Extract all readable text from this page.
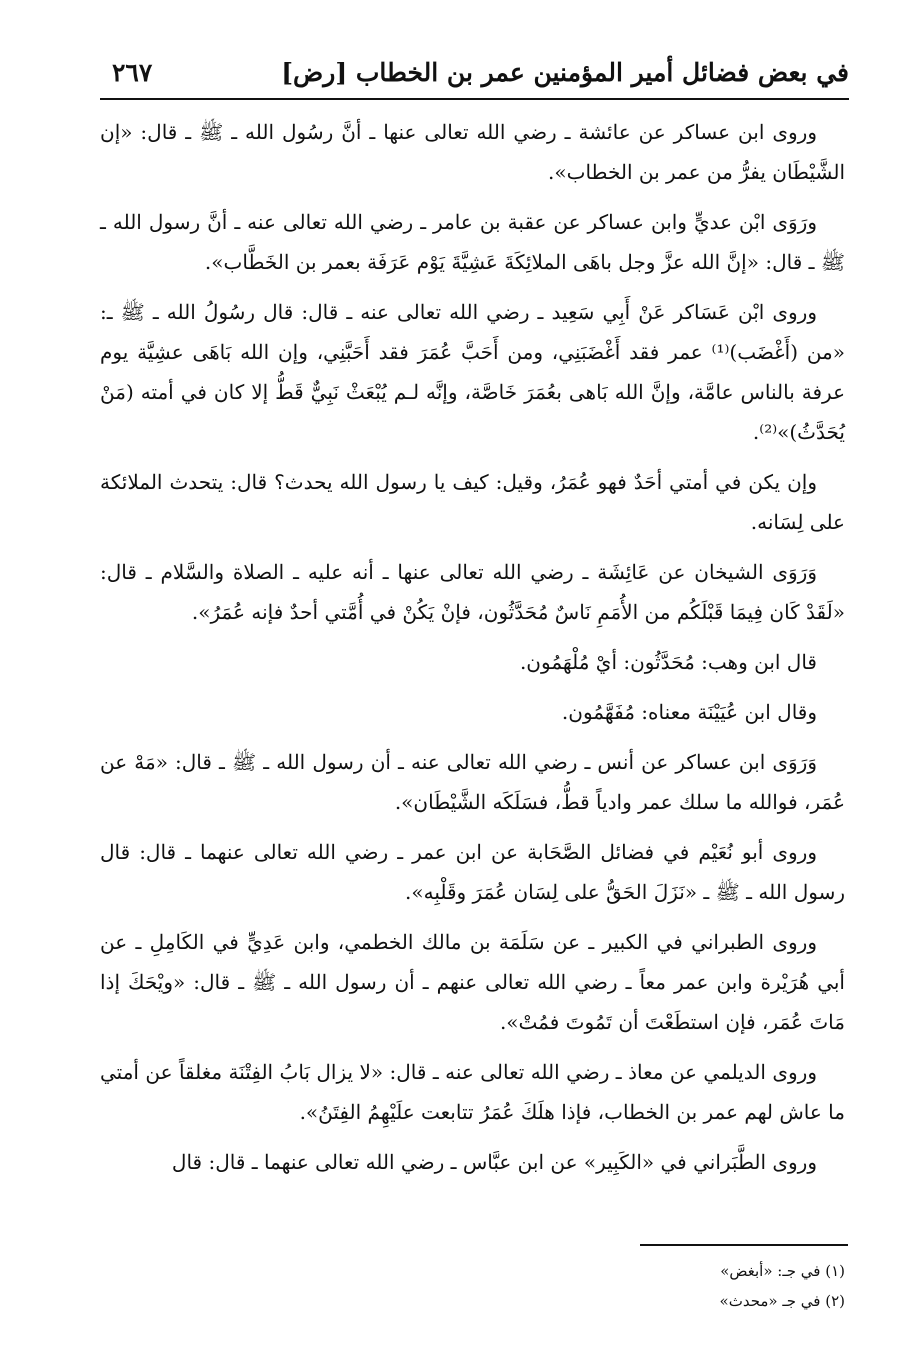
في بعض فضائل أمير المؤمنين عمر بن الخطاب [رض]
٢٦٧

وروى ابن عساكر عن عائشة ـ رضي الله تعالى عنها ـ أنَّ رسُول الله ـ ﷺ ـ قال: «إن الشَّيْطَان يفرُّ من عمر بن الخطاب».

ورَوَى ابْن عديٍّ وابن عساكر عن عقبة بن عامر ـ رضي الله تعالى عنه ـ أنَّ رسول الله ـ ﷺ ـ قال: «إنَّ الله عزَّ وجل باهَى الملائِكَةَ عَشِيَّةَ يَوْم عَرَفَة بعمر بن الخَطَّاب».

وروى ابْن عَسَاكر عَنْ أَبِي سَعِيد ـ رضي الله تعالى عنه ـ قال: قال رسُولُ الله ـ ﷺ ـ: «من (أَغْضَب)⁽¹⁾ عمر فقد أَغْضَبَنِي، ومن أَحَبَّ عُمَرَ فقد أَحَبَّنِي، وإن الله بَاهَى عشِيَّة يوم عرفة بالناس عامَّة، وإنَّ الله بَاهى بعُمَرَ خَاصَّة، وإنَّه لـم يُبْعَثْ نَبِيٌّ قَطُّ إلا كان في أمته (مَنْ يُحَدَّثُ)»⁽²⁾.

وإن يكن في أمتي أحَدٌ فهو عُمَرُ، وقيل: كيف يا رسول الله يحدث؟ قال: يتحدث الملائكة على لِسَانه.

وَرَوَى الشيخان عن عَائِشَة ـ رضي الله تعالى عنها ـ أنه عليه ـ الصلاة والسَّلام ـ قال: «لَقَدْ كَان فِيمَا قَبْلَكُم من الأُمَمِ نَاسٌ مُحَدَّثُون، فإنْ يَكُنْ في أُمَّتي أحدٌ فإنه عُمَرُ».

قال ابن وهب: مُحَدَّثُون: أيْ مُلْهَمُون.

وقال ابن عُيَيْنَة معناه: مُفَهَّمُون.

وَرَوَى ابن عساكر عن أنس ـ رضي الله تعالى عنه ـ أن رسول الله ـ ﷺ ـ قال: «مَهْ عن عُمَر، فوالله ما سلك عمر وادياً قطُّ، فسَلَكَه الشَّيْطَان».

وروى أبو نُعَيْم في فضائل الصَّحَابة عن ابن عمر ـ رضي الله تعالى عنهما ـ قال: قال رسول الله ـ ﷺ ـ «نَزَلَ الحَقُّ على لِسَان عُمَرَ وقَلْبِه».

وروى الطبراني في الكبير ـ عن سَلَمَة بن مالك الخطمي، وابن عَدِيٍّ في الكَامِلِ ـ عن أبي هُرَيْرة وابن عمر معاً ـ رضي الله تعالى عنهم ـ أن رسول الله ـ ﷺ ـ قال: «ويْحَكَ إذا مَاتَ عُمَر، فإن استطَعْتَ أن تَمُوتَ فمُتْ».

وروى الديلمي عن معاذ ـ رضي الله تعالى عنه ـ قال: «لا يزال بَابُ الفِتْنَة مغلقاً عن أمتي ما عاش لهم عمر بن الخطاب، فإذا هلَكَ عُمَرُ تتابعت علَيْهِمُ الفِتَنُ».

وروى الطَّبَراني في «الكَبِير» عن ابن عبَّاس ـ رضي الله تعالى عنهما ـ قال: قال

(١) في جـ: «أبغض»

(٢) في جـ «محدث»
